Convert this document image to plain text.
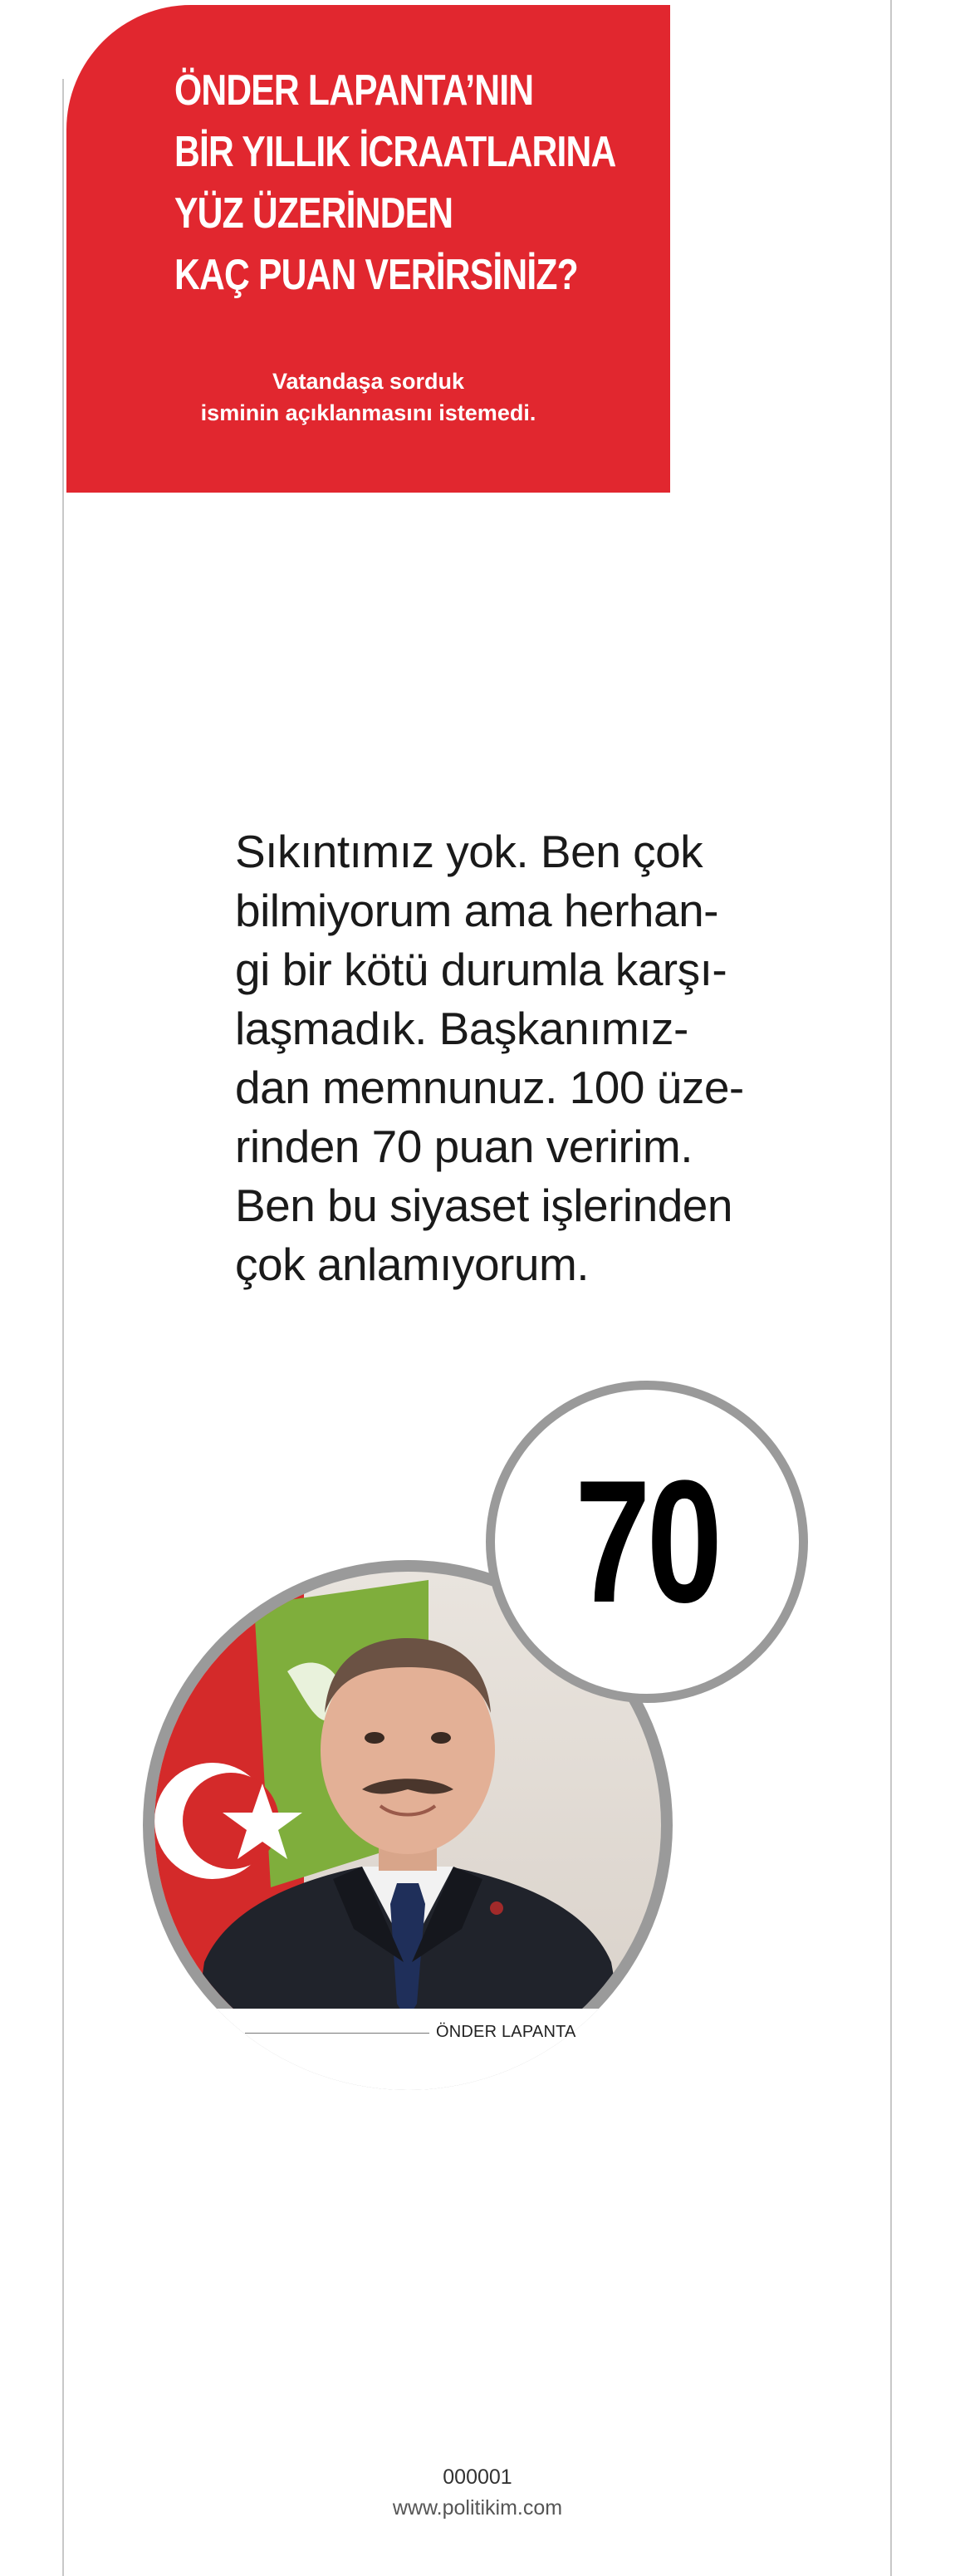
ÖNDER LAPANTA’NIN
BİR YILLIK İCRAATLARINA
YÜZ ÜZERİNDEN
KAÇ PUAN VERİRSİNİZ?
Vatandaşa sorduk
isminin açıklanmasını istemedi.

Sıkıntımız yok. Ben çok
bilmiyorum ama herhan-
gi bir kötü durumla karşı-
laşmadık. Başkanımız-
dan memnunuz. 100 üze-
rinden 70 puan veririm.
Ben bu siyaset işlerinden
çok anlamıyorum.

70
ÖNDER LAPANTA
000001
www.politikim.com
